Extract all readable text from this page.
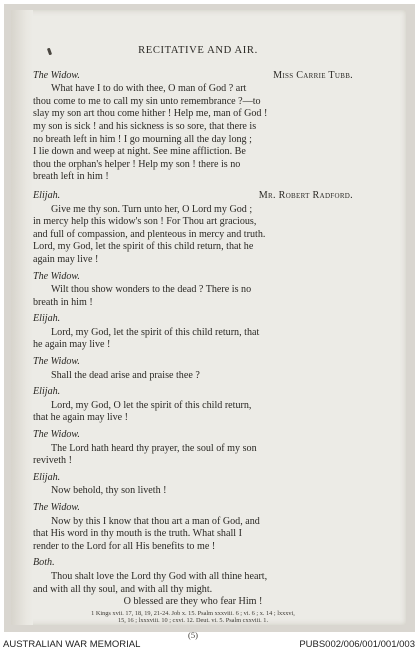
RECITATIVE AND AIR.
The Widow.	Miss Carrie Tubb.

What have I to do with thee, O man of God ? art

thou come to me to call my sin unto remembrance ?—to

slay my son art thou come hither ! Help me, man of God !

my son is sick ! and his sickness is so sore, that there is

no breath left in him ! I go mourning all the day long ;

I lie down and weep at night. See mine affliction. Be

thou the orphan's helper ! Help my son ! there is no

breath left in him !

Elijah.	Mr. Robert Radford.

Give me thy son. Turn unto her, O Lord my God ;

in mercy help this widow's son ! For Thou art gracious,

and full of compassion, and plenteous in mercy and truth.

Lord, my God, let the spirit of this child return, that he

again may live !

The Widow.

Wilt thou show wonders to the dead ? There is no

breath in him !

Elijah.

Lord, my God, let the spirit of this child return, that

he again may live !

The Widow.

Shall the dead arise and praise thee ?

Elijah.

Lord, my God, O let the spirit of this child return,

that he again may live !

The Widow.

The Lord hath heard thy prayer, the soul of my son

reviveth !

Elijah.

Now behold, thy son liveth !

The Widow.

Now by this I know that thou art a man of God, and

that His word in thy mouth is the truth. What shall I

render to the Lord for all His benefits to me !

Both.

Thou shalt love the Lord thy God with all thine heart,

and with all thy soul, and with all thy might.

O blessed are they who fear Him !

1 Kings xvii. 17, 18, 19, 21-24. Job x. 15. Psalm xxxviii. 6 ; vi. 6 ; x. 14 ; lxxxvi,
15, 16 ; lxxxviii. 10 ; cxvi. 12. Deut. vi. 5. Psalm cxxviii. 1.
(5)
AUSTRALIAN WAR MEMORIAL	PUBS002/006/001/001/003
